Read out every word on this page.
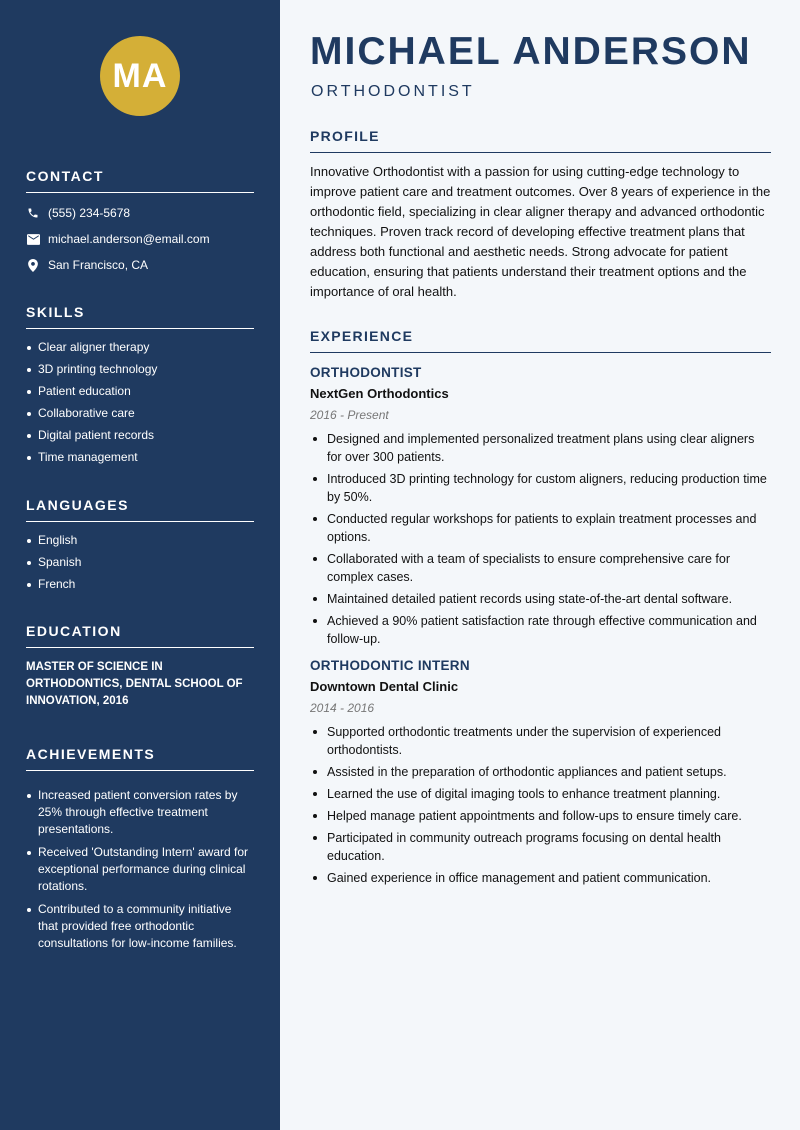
MA
CONTACT
(555) 234-5678
michael.anderson@email.com
San Francisco, CA
SKILLS
Clear aligner therapy
3D printing technology
Patient education
Collaborative care
Digital patient records
Time management
LANGUAGES
English
Spanish
French
EDUCATION
MASTER OF SCIENCE IN ORTHODONTICS, DENTAL SCHOOL OF INNOVATION, 2016
ACHIEVEMENTS
Increased patient conversion rates by 25% through effective treatment presentations.
Received 'Outstanding Intern' award for exceptional performance during clinical rotations.
Contributed to a community initiative that provided free orthodontic consultations for low-income families.
MICHAEL ANDERSON
ORTHODONTIST
PROFILE
Innovative Orthodontist with a passion for using cutting-edge technology to improve patient care and treatment outcomes. Over 8 years of experience in the orthodontic field, specializing in clear aligner therapy and advanced orthodontic techniques. Proven track record of developing effective treatment plans that address both functional and aesthetic needs. Strong advocate for patient education, ensuring that patients understand their treatment options and the importance of oral health.
EXPERIENCE
ORTHODONTIST
NextGen Orthodontics
2016 - Present
Designed and implemented personalized treatment plans using clear aligners for over 300 patients.
Introduced 3D printing technology for custom aligners, reducing production time by 50%.
Conducted regular workshops for patients to explain treatment processes and options.
Collaborated with a team of specialists to ensure comprehensive care for complex cases.
Maintained detailed patient records using state-of-the-art dental software.
Achieved a 90% patient satisfaction rate through effective communication and follow-up.
ORTHODONTIC INTERN
Downtown Dental Clinic
2014 - 2016
Supported orthodontic treatments under the supervision of experienced orthodontists.
Assisted in the preparation of orthodontic appliances and patient setups.
Learned the use of digital imaging tools to enhance treatment planning.
Helped manage patient appointments and follow-ups to ensure timely care.
Participated in community outreach programs focusing on dental health education.
Gained experience in office management and patient communication.
